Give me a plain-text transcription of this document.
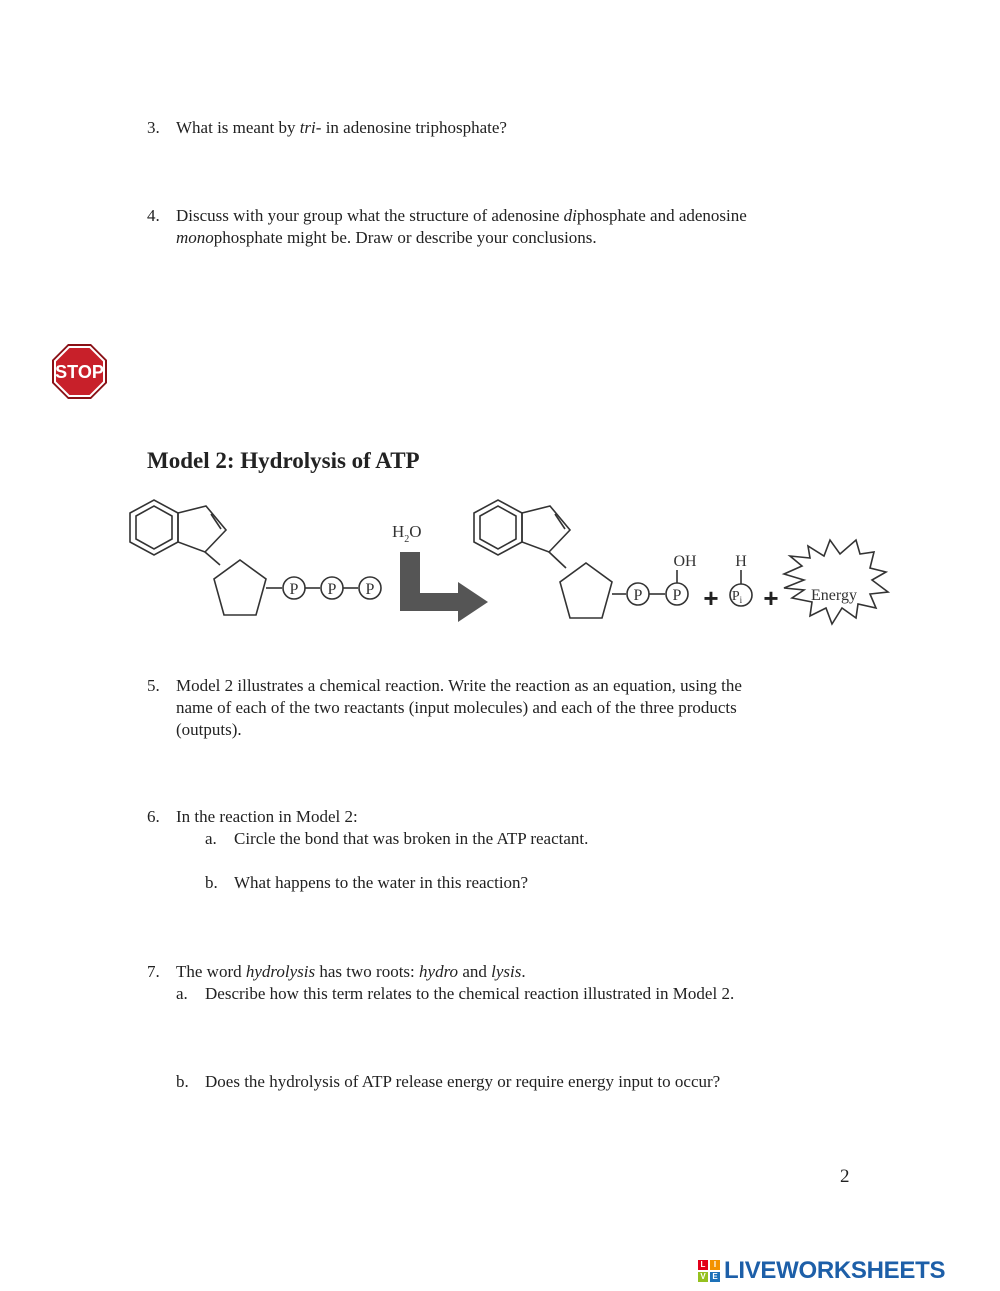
3. What is meant by tri- in adenosine triphosphate?
4. Discuss with your group what the structure of adenosine diphosphate and adenosine
monophosphate might be. Draw or describe your conclusions.
STOP
Model 2: Hydrolysis of ATP
P P P	P P
$H_2O$
OH H
$P_i$
+ + Energy
5. Model 2 illustrates a chemical reaction. Write the reaction as an equation, using the
name of each of the two reactants (input molecules) and each of the three products
(outputs).
6. In the reaction in Model 2:
a. Circle the bond that was broken in the ATP reactant.
b. What happens to the water in this reaction?
7. The word hydrolysis has two roots: hydro and lysis.
a. Describe how this term relates to the chemical reaction illustrated in Model 2.
b. Does the hydrolysis of ATP release energy or require energy input to occur?
2
L	I
V E LIVEWORKSHEETS
